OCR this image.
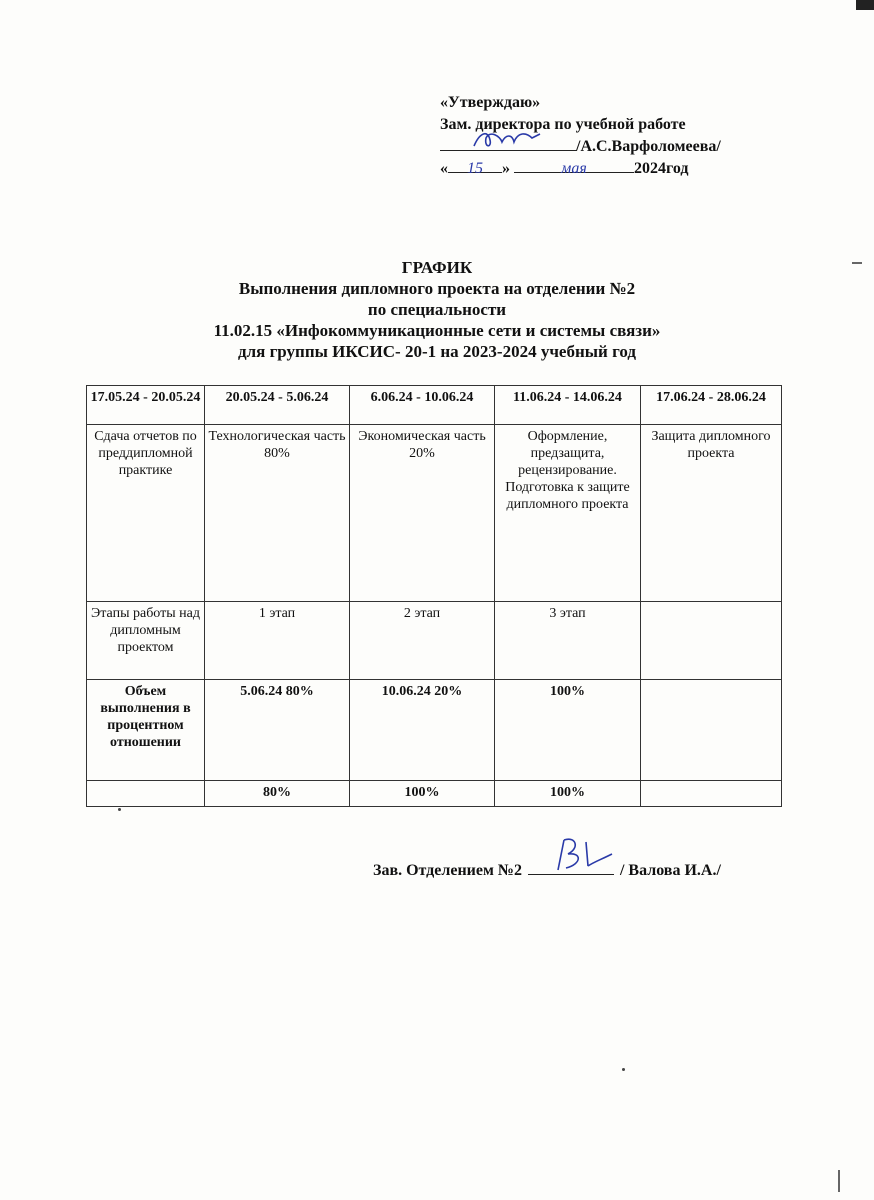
«Утверждаю»
Зам. директора по учебной работе
/А.С.Варфоломеева/
« 15 »	мая	2024год
ГРАФИК
Выполнения дипломного проекта на отделении №2
по специальности
11.02.15 «Инфокоммуникационные сети и системы связи»
для группы ИКСИС- 20-1 на 2023-2024 учебный год
17.05.24 - 20.05.24	20.05.24 - 5.06.24	6.06.24 - 10.06.24	11.06.24 - 14.06.24	17.06.24 - 28.06.24
Сдача отчетов по преддипломной практике	Технологическая часть 80%	Экономическая часть 20%	Оформление, предзащита, рецензирование. Подготовка к защите дипломного проекта	Защита дипломного проекта
Этапы работы над дипломным проектом	1 этап	2 этап	3 этап	
Объем выполнения в процентном отношении	5.06.24 80%	10.06.24 20%	100%	
	80%	100%	100%	
Зав. Отделением №2	/ Валова И.А./
